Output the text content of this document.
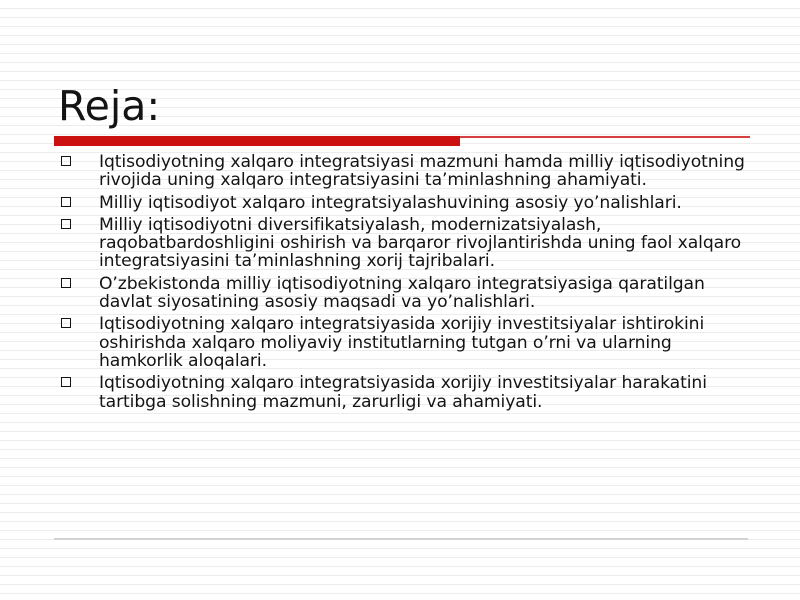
Reja:
Iqtisodiyotning xalqaro integratsiyasi mazmuni hamda milliy iqtisodiyotning rivojida uning xalqaro integratsiyasini ta’minlashning ahamiyati.
Milliy iqtisodiyot xalqaro integratsiyalashuvining asosiy yo’nalishlari.
Milliy iqtisodiyotni diversifikatsiyalash, modernizatsiyalash, raqobatbardoshligini oshirish va barqaror rivojlantirishda uning faol xalqaro integratsiyasini ta’minlashning xorij tajribalari.
O’zbekistonda milliy iqtisodiyotning xalqaro integratsiyasiga qaratilgan davlat siyosatining asosiy maqsadi va yo’nalishlari.
Iqtisodiyotning xalqaro integratsiyasida xorijiy investitsiyalar ishtirokini oshirishda xalqaro moliyaviy institutlarning tutgan o’rni va ularning hamkorlik aloqalari.
Iqtisodiyotning xalqaro integratsiyasida xorijiy investitsiyalar harakatini tartibga solishning mazmuni, zarurligi va ahamiyati.
